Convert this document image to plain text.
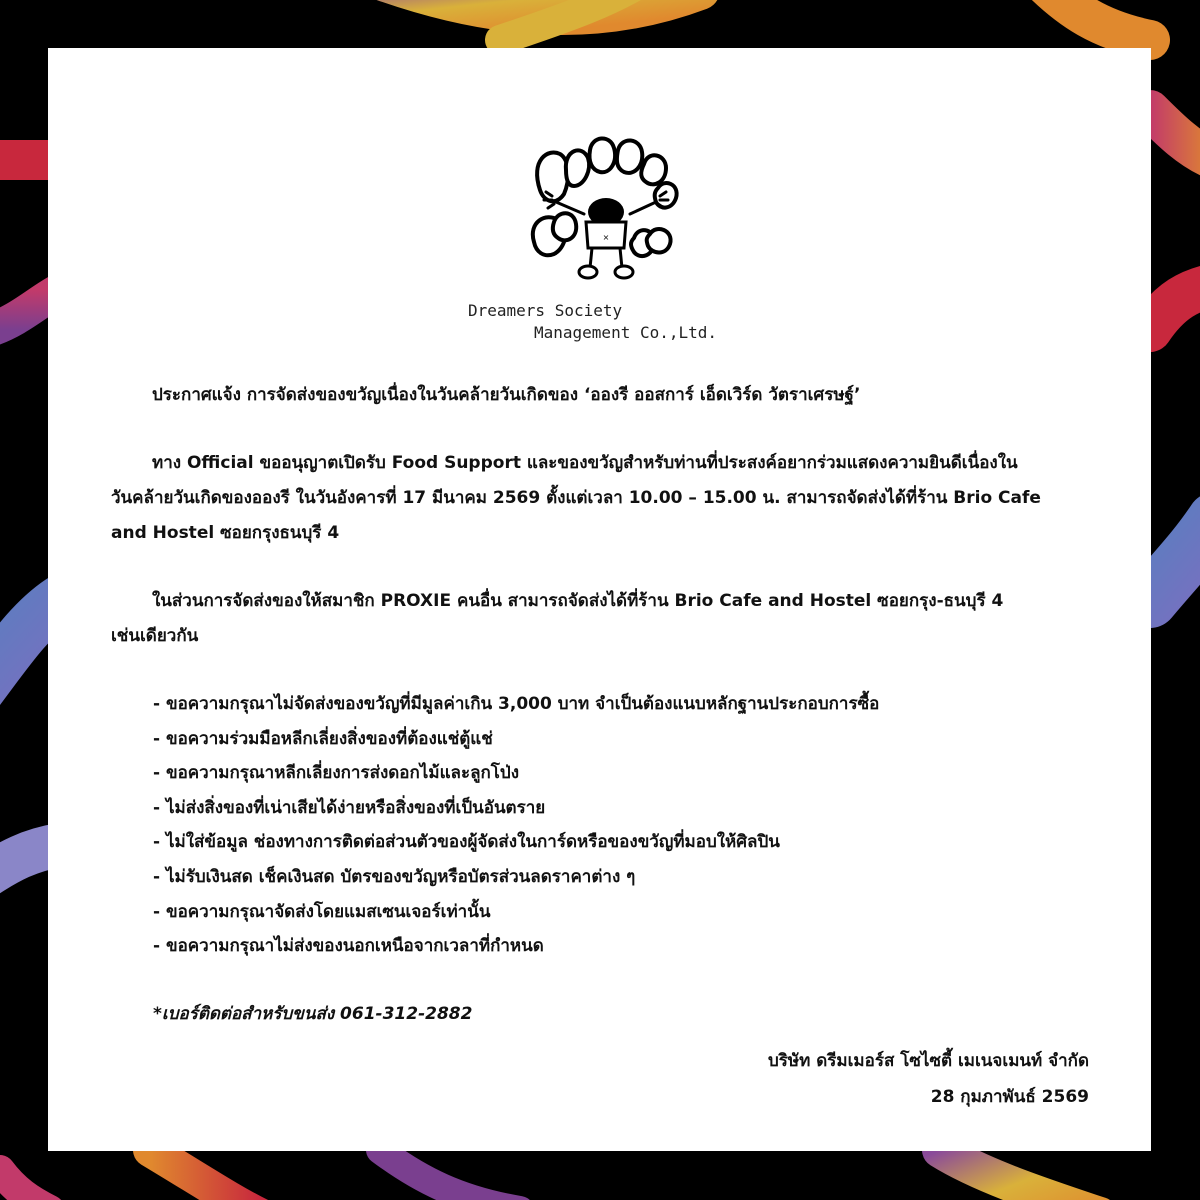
×
Dreamers Society
Management Co.,Ltd.

ประกาศแจ้ง การจัดส่งของขวัญเนื่องในวันคล้ายวันเกิดของ ‘อองรี ออสการ์ เอ็ดเวิร์ด วัตราเศรษฐ์’

ทาง Official ขออนุญาตเปิดรับ Food Support และของขวัญสำหรับท่านที่ประสงค์อยากร่วมแสดงความยินดีเนื่องใน
วันคล้ายวันเกิดของอองรี ในวันอังคารที่ 17 มีนาคม 2569 ตั้งแต่เวลา 10.00 – 15.00 น. สามารถจัดส่งได้ที่ร้าน Brio Cafe
and Hostel ซอยกรุงธนบุรี 4

ในส่วนการจัดส่งของให้สมาชิก PROXIE คนอื่น สามารถจัดส่งได้ที่ร้าน Brio Cafe and Hostel ซอยกรุง-ธนบุรี 4
เช่นเดียวกัน

- ขอความกรุณาไม่จัดส่งของขวัญที่มีมูลค่าเกิน 3,000 บาท จำเป็นต้องแนบหลักฐานประกอบการซื้อ
- ขอความร่วมมือหลีกเลี่ยงสิ่งของที่ต้องแช่ตู้แช่
- ขอความกรุณาหลีกเลี่ยงการส่งดอกไม้และลูกโป่ง
- ไม่ส่งสิ่งของที่เน่าเสียได้ง่ายหรือสิ่งของที่เป็นอันตราย
- ไม่ใส่ข้อมูล ช่องทางการติดต่อส่วนตัวของผู้จัดส่งในการ์ดหรือของขวัญที่มอบให้ศิลปิน
- ไม่รับเงินสด เช็คเงินสด บัตรของขวัญหรือบัตรส่วนลดราคาต่าง ๆ
- ขอความกรุณาจัดส่งโดยแมสเซนเจอร์เท่านั้น
- ขอความกรุณาไม่ส่งของนอกเหนือจากเวลาที่กำหนด

*เบอร์ติดต่อสำหรับขนส่ง 061-312-2882

บริษัท ดรีมเมอร์ส โซไซตี้ เมเนจเมนท์ จำกัด
28 กุมภาพันธ์ 2569
